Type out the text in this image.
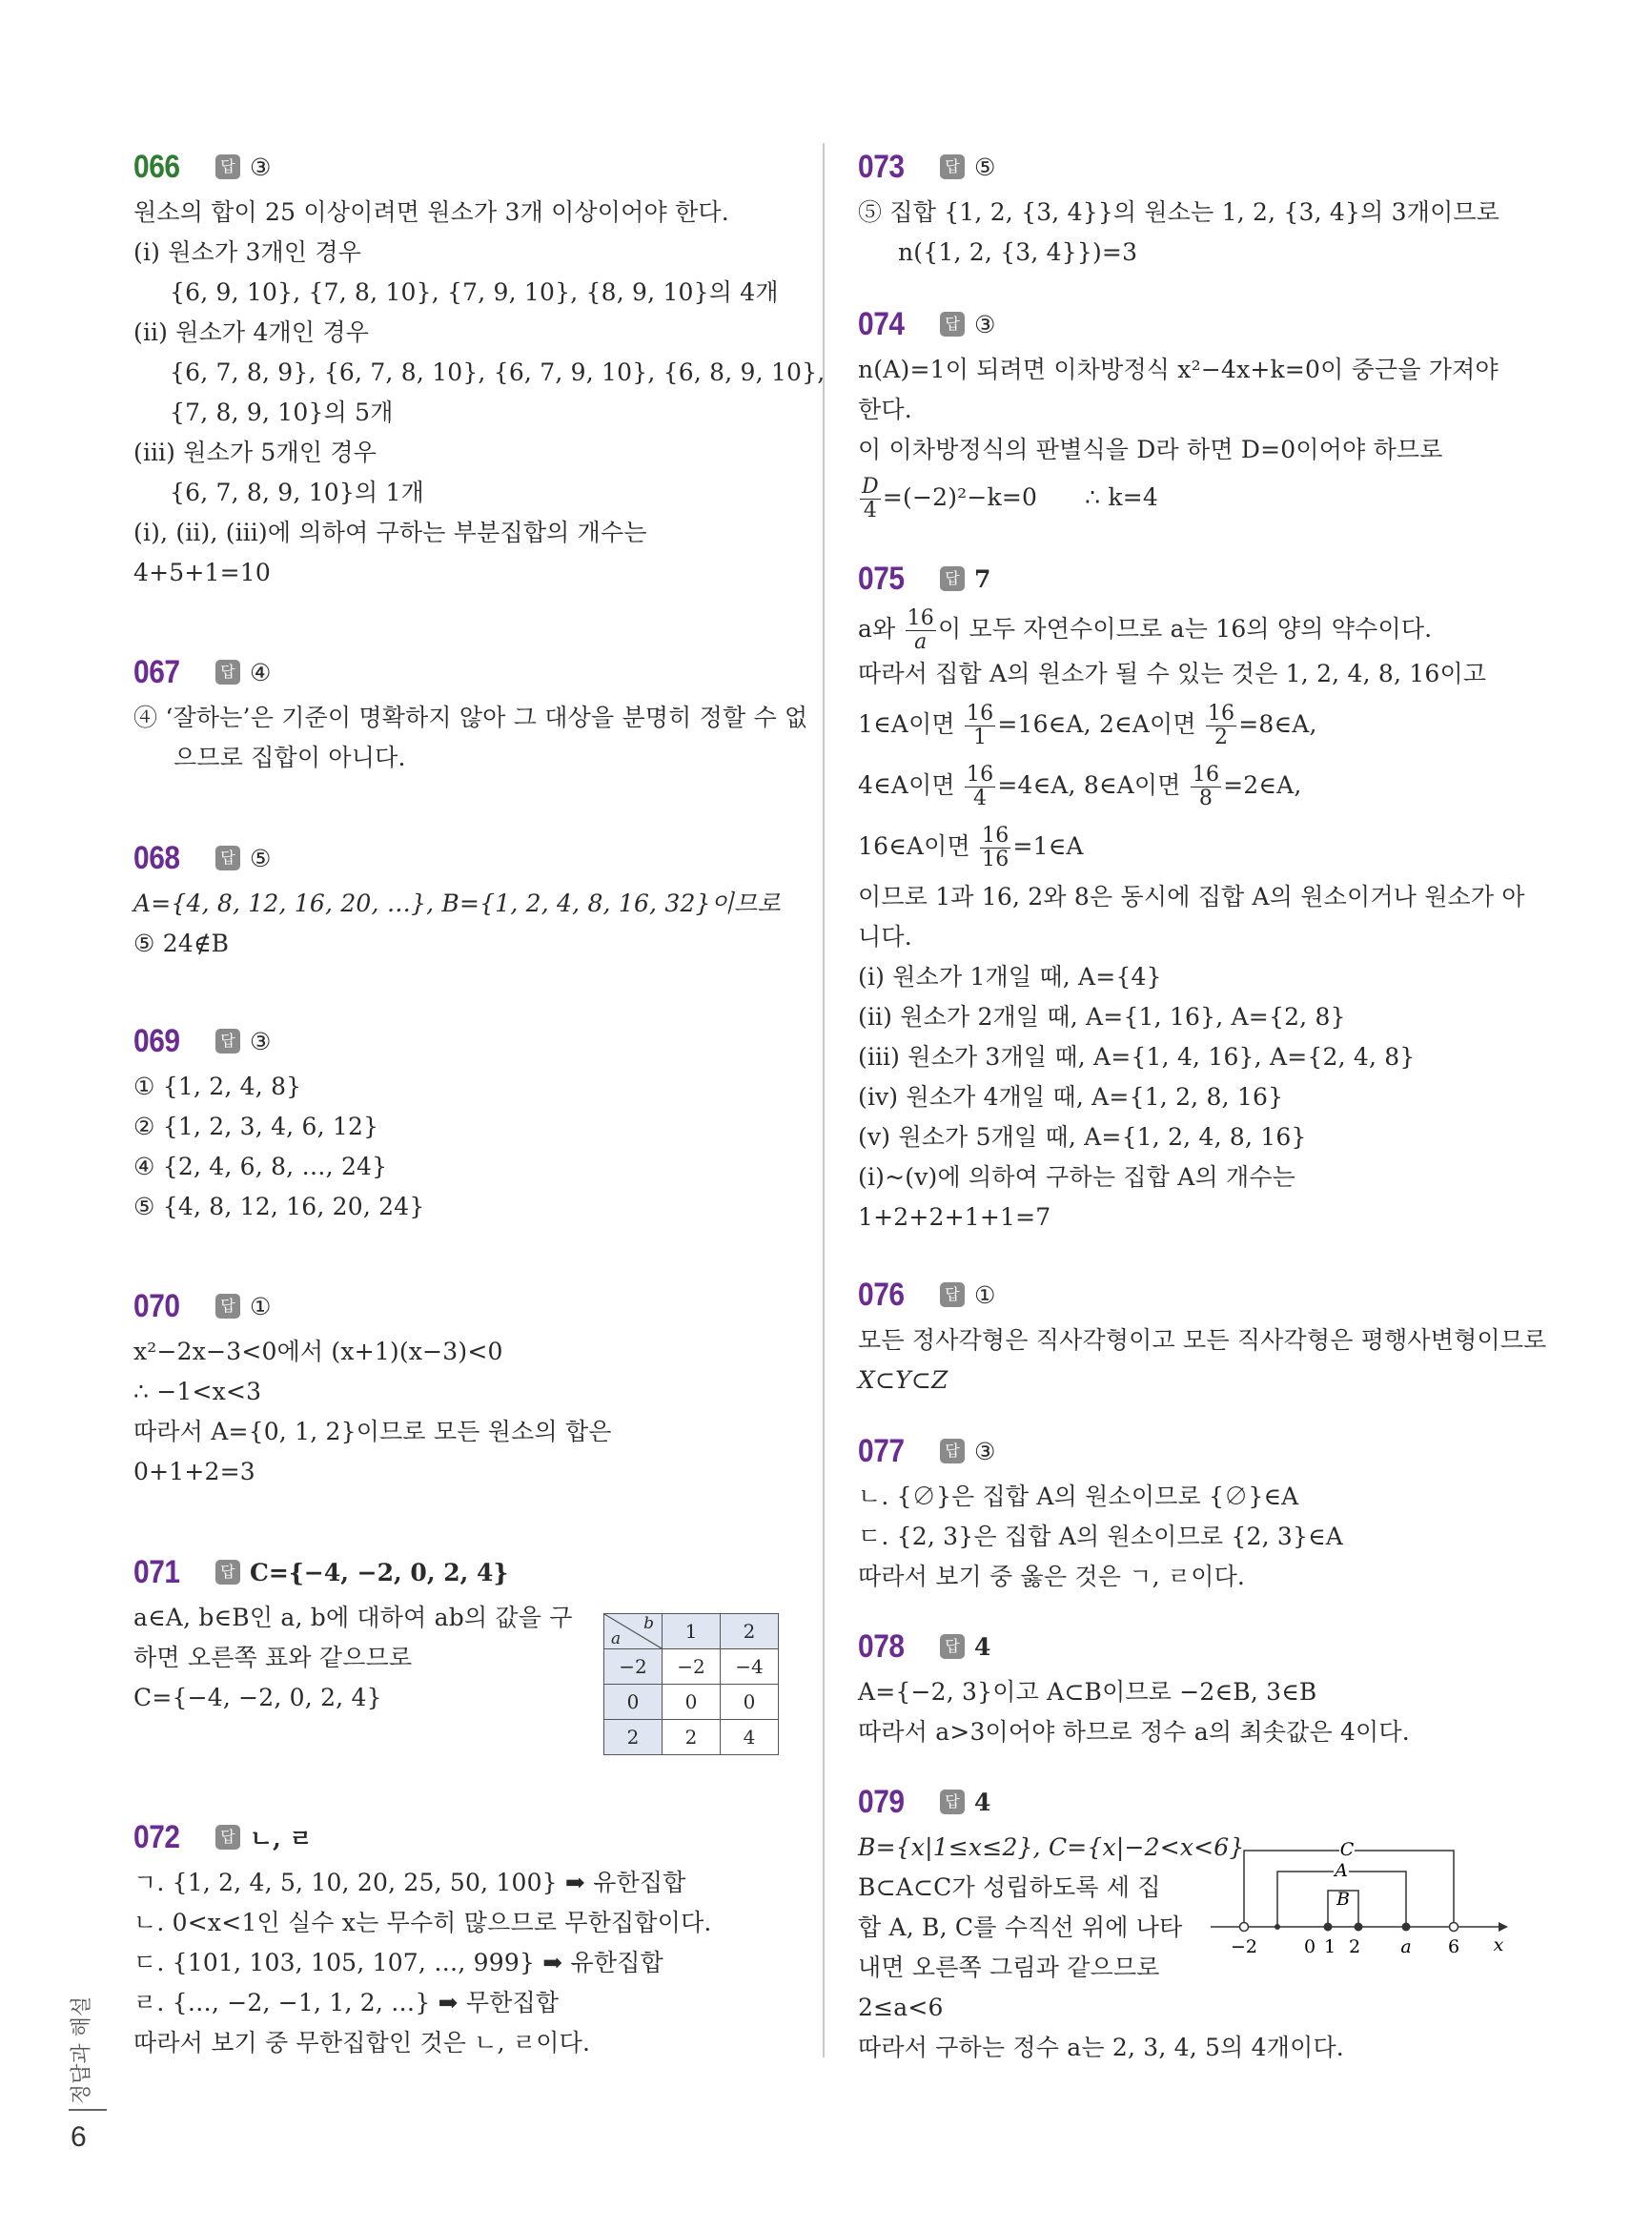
066	답 ③
원소의 합이 25 이상이려면 원소가 3개 이상이어야 한다.
(ⅰ) 원소가 3개인 경우
{6, 9, 10}, {7, 8, 10}, {7, 9, 10}, {8, 9, 10}의 4개
(ⅱ) 원소가 4개인 경우
{6, 7, 8, 9}, {6, 7, 8, 10}, {6, 7, 9, 10}, {6, 8, 9, 10},
{7, 8, 9, 10}의 5개
(ⅲ) 원소가 5개인 경우
{6, 7, 8, 9, 10}의 1개
(ⅰ), (ⅱ), (ⅲ)에 의하여 구하는 부분집합의 개수는
4+5+1=10
067	답 ④
④ ‘잘하는’은 기준이 명확하지 않아 그 대상을 분명히 정할 수 없
으므로 집합이 아니다.
068	답 ⑤
A={4, 8, 12, 16, 20, …}, B={1, 2, 4, 8, 16, 32}이므로
⑤ 24∉B
069	답 ③
① {1, 2, 4, 8}
② {1, 2, 3, 4, 6, 12}
④ {2, 4, 6, 8, …, 24}
⑤ {4, 8, 12, 16, 20, 24}
070	답 ①
x²−2x−3<0에서 (x+1)(x−3)<0
∴ −1<x<3
따라서 A={0, 1, 2}이므로 모든 원소의 합은
0+1+2=3
071	답 C={−4, −2, 0, 2, 4}
a∈A, b∈B인 a, b에 대하여 ab의 값을 구
하면 오른쪽 표와 같으므로
C={−4, −2, 0, 2, 4}
b
a	1	2
−2	−2	−4
0	0	0
2	2	4
072	답 ㄴ, ㄹ
ㄱ. {1, 2, 4, 5, 10, 20, 25, 50, 100} ➡ 유한집합
ㄴ. 0<x<1인 실수 x는 무수히 많으므로 무한집합이다.
ㄷ. {101, 103, 105, 107, …, 999} ➡ 유한집합
ㄹ. {…, −2, −1, 1, 2, …} ➡ 무한집합
따라서 보기 중 무한집합인 것은 ㄴ, ㄹ이다.
073	답 ⑤
⑤ 집합 {1, 2, {3, 4}}의 원소는 1, 2, {3, 4}의 3개이므로
n({1, 2, {3, 4}})=3
074	답 ③
n(A)=1이 되려면 이차방정식 x²−4x+k=0이 중근을 가져야
한다.
이 이차방정식의 판별식을 D라 하면 D=0이어야 하므로
$\frac{D}{4} =(-2)^2-k=0$ ∴ k=4
075	답 7
a와 $\frac{16}{a}$ 이 모두 자연수이므로 a는 16의 양의 약수이다.
따라서 집합 A의 원소가 될 수 있는 것은 1, 2, 4, 8, 16이고
1∈A이면 $\frac{16}{1}$ =16∈A, 2∈A이면 $\frac{16}{2}$ =8∈A,
4∈A이면 $\frac{16}{4}$ =4∈A, 8∈A이면 $\frac{16}{8}$ =2∈A,
16∈A이면 $\frac{16}{16}$ =1∈A
이므로 1과 16, 2와 8은 동시에 집합 A의 원소이거나 원소가 아
니다.
(ⅰ) 원소가 1개일 때, A={4}
(ⅱ) 원소가 2개일 때, A={1, 16}, A={2, 8}
(ⅲ) 원소가 3개일 때, A={1, 4, 16}, A={2, 4, 8}
(ⅳ) 원소가 4개일 때, A={1, 2, 8, 16}
(ⅴ) 원소가 5개일 때, A={1, 2, 4, 8, 16}
(ⅰ)~(ⅴ)에 의하여 구하는 집합 A의 개수는
1+2+2+1+1=7
076	답 ①
모든 정사각형은 직사각형이고 모든 직사각형은 평행사변형이므로
X⊂Y⊂Z
077	답 ③
ㄴ. {∅}은 집합 A의 원소이므로 {∅}∈A
ㄷ. {2, 3}은 집합 A의 원소이므로 {2, 3}∈A
따라서 보기 중 옳은 것은 ㄱ, ㄹ이다.
078	답 4
A={−2, 3}이고 A⊂B이므로 −2∈B, 3∈B
따라서 a>3이어야 하므로 정수 a의 최솟값은 4이다.
079	답 4
B={x|1≤x≤2}, C={x|−2<x<6}
B⊂A⊂C가 성립하도록 세 집
합 A, B, C를 수직선 위에 나타
내면 오른쪽 그림과 같으므로
2≤a<6
따라서 구하는 정수 a는 2, 3, 4, 5의 4개이다.
C
A
B
−2	0 1 2 a 6 x
정답과 해설
6
